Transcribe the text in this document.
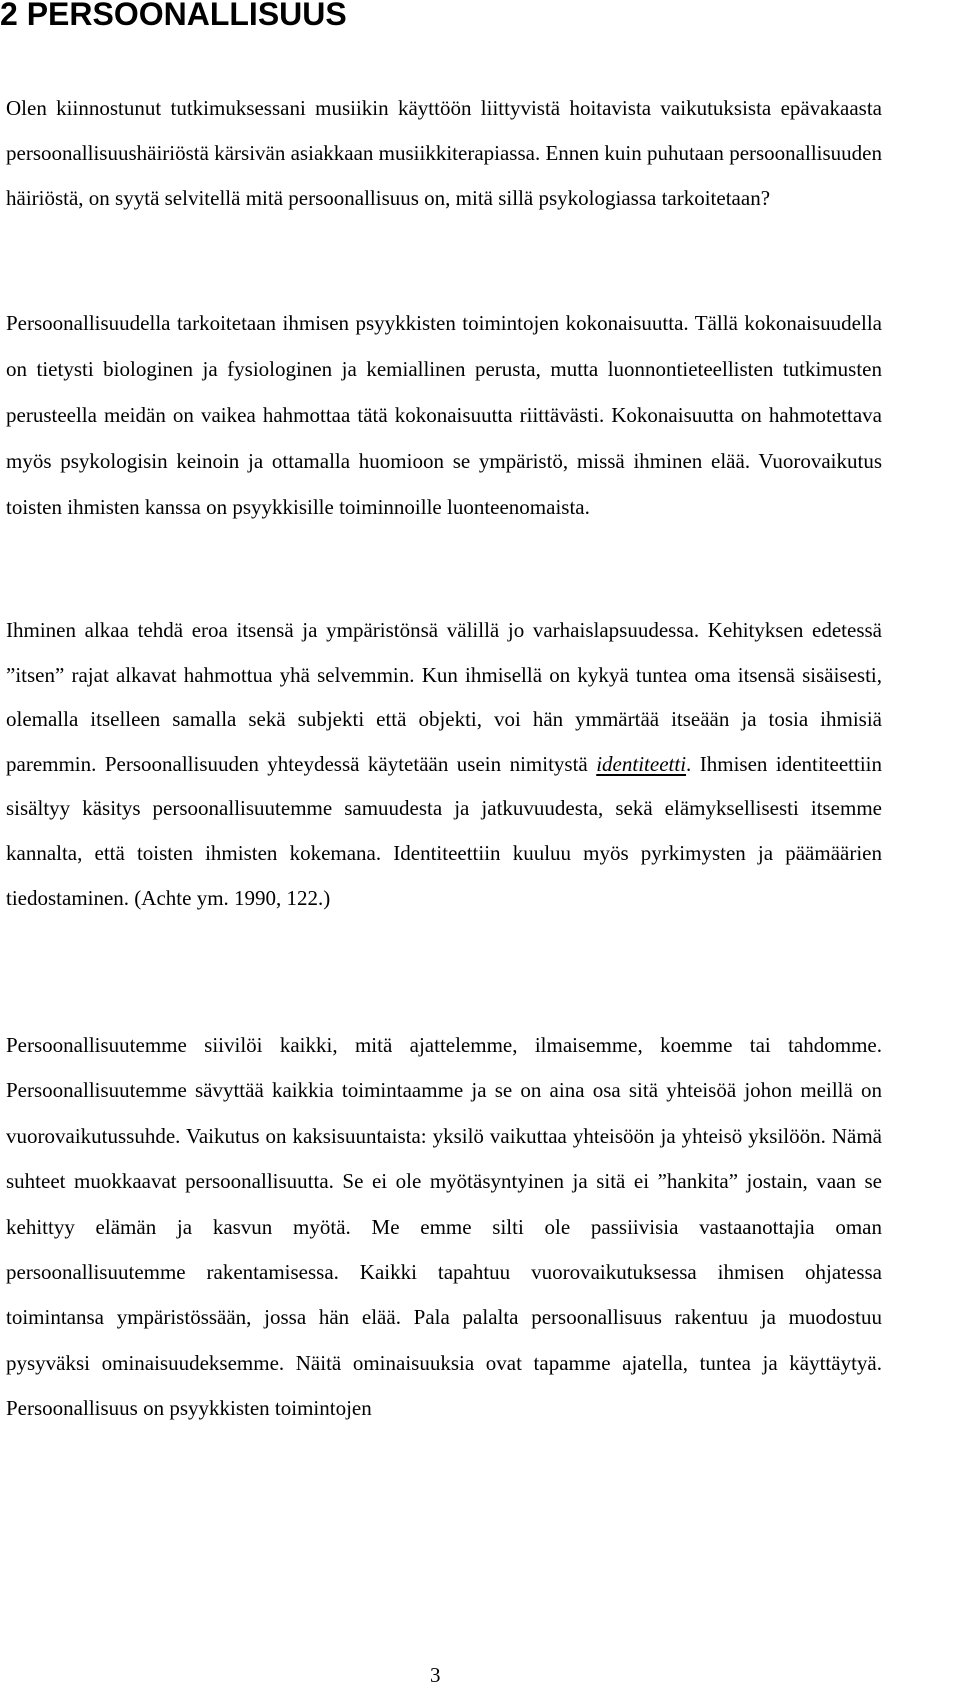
2 PERSOONALLISUUS

Olen kiinnostunut tutkimuksessani musiikin käyttöön liittyvistä hoitavista vaikutuksista epävakaasta persoonallisuushäiriöstä kärsivän asiakkaan musiikkiterapiassa. Ennen kuin puhutaan persoonallisuuden häiriöstä, on syytä selvitellä mitä persoonallisuus on, mitä sillä psykologiassa tarkoitetaan?

Persoonallisuudella tarkoitetaan ihmisen psyykkisten toimintojen kokonaisuutta. Tällä kokonaisuudella on tietysti biologinen ja fysiologinen ja kemiallinen perusta, mutta luonnontieteellisten tutkimusten perusteella meidän on vaikea hahmottaa tätä kokonaisuutta riittävästi. Kokonaisuutta on hahmotettava myös psykologisin keinoin ja ottamalla huomioon se ympäristö, missä ihminen elää. Vuorovaikutus toisten ihmisten kanssa on psyykkisille toiminnoille luonteenomaista.

Ihminen alkaa tehdä eroa itsensä ja ympäristönsä välillä jo varhaislapsuudessa. Kehityksen edetessä ”itsen” rajat alkavat hahmottua yhä selvemmin. Kun ihmisellä on kykyä tuntea oma itsensä sisäisesti, olemalla itselleen samalla sekä subjekti että objekti, voi hän ymmärtää itseään ja tosia ihmisiä paremmin. Persoonallisuuden yhteydessä käytetään usein nimitystä identiteetti. Ihmisen identiteettiin sisältyy käsitys persoonallisuutemme samuudesta ja jatkuvuudesta, sekä elämyksellisesti itsemme kannalta, että toisten ihmisten kokemana. Identiteettiin kuuluu myös pyrkimysten ja päämäärien tiedostaminen. (Achte ym. 1990, 122.)

Persoonallisuutemme siivilöi kaikki, mitä ajattelemme, ilmaisemme, koemme tai tahdomme. Persoonallisuutemme sävyttää kaikkia toimintaamme ja se on aina osa sitä yhteisöä johon meillä on vuorovaikutussuhde. Vaikutus on kaksisuuntaista: yksilö vaikuttaa yhteisöön ja yhteisö yksilöön. Nämä suhteet muokkaavat persoonallisuutta. Se ei ole myötäsyntyinen ja sitä ei ”hankita” jostain, vaan se kehittyy elämän ja kasvun myötä. Me emme silti ole passiivisia vastaanottajia oman persoonallisuutemme rakentamisessa. Kaikki tapahtuu vuorovaikutuksessa ihmisen ohjatessa toimintansa ympäristössään, jossa hän elää. Pala palalta persoonallisuus rakentuu ja muodostuu pysyväksi ominaisuudeksemme. Näitä ominaisuuksia ovat tapamme ajatella, tuntea ja käyttäytyä. Persoonallisuus on psyykkisten toimintojen

3
